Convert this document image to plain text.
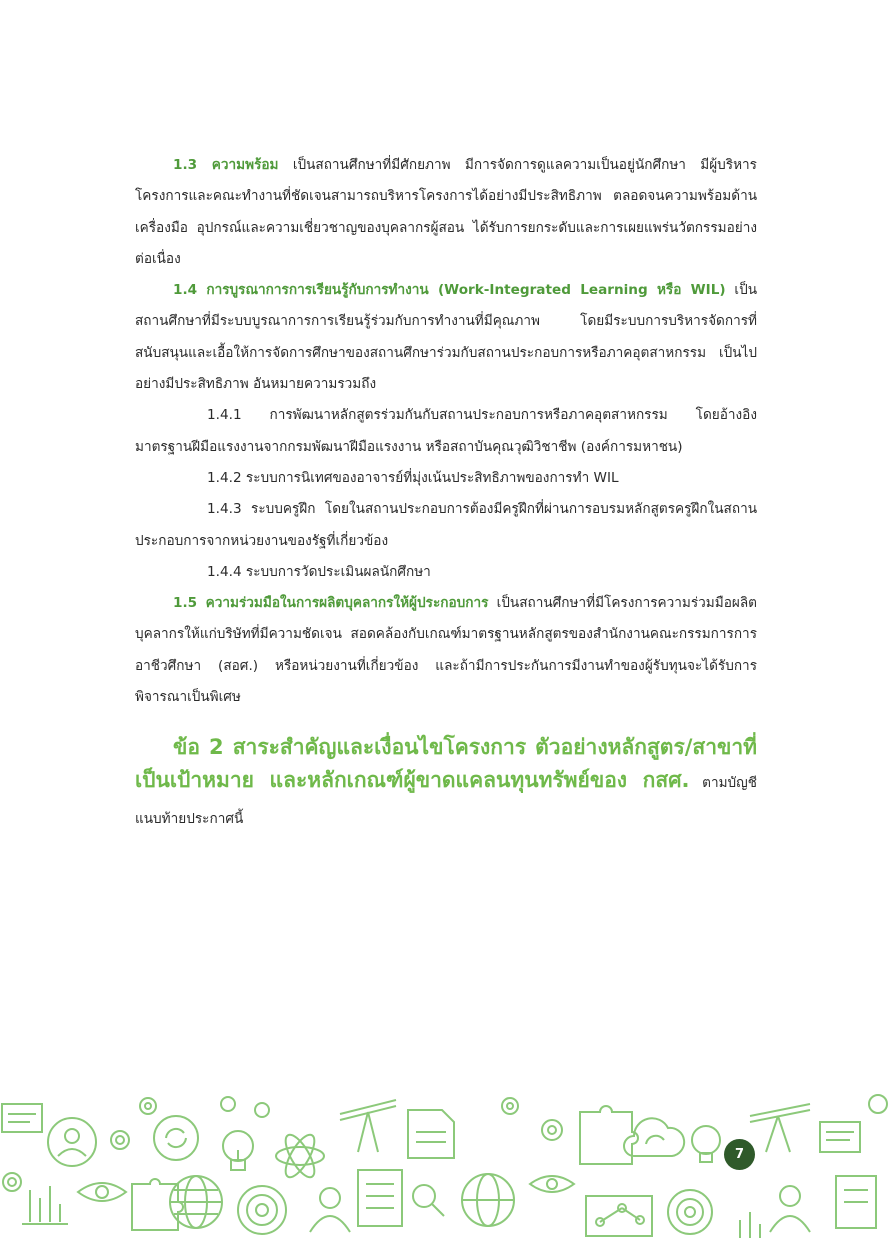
1.3 ความพร้อม เป็นสถานศึกษาที่มีศักยภาพ มีการจัดการดูแลความเป็นอยู่นักศึกษา มีผู้บริหารโครงการและคณะทำงานที่ชัดเจนสามารถบริหารโครงการได้อย่างมีประสิทธิภาพ ตลอดจนความพร้อมด้านเครื่องมือ อุปกรณ์และความเชี่ยวชาญของบุคลากรผู้สอน ได้รับการยกระดับและการเผยแพร่นวัตกรรมอย่างต่อเนื่อง

1.4 การบูรณาการการเรียนรู้กับการทำงาน (Work-Integrated Learning หรือ WIL) เป็นสถานศึกษาที่มีระบบบูรณาการการเรียนรู้ร่วมกับการทำงานที่มีคุณภาพ โดยมีระบบการบริหารจัดการที่สนับสนุนและเอื้อให้การจัดการศึกษาของสถานศึกษาร่วมกับสถานประกอบการหรือภาคอุตสาหกรรม เป็นไปอย่างมีประสิทธิภาพ อันหมายความรวมถึง

1.4.1 การพัฒนาหลักสูตรร่วมกันกับสถานประกอบการหรือภาคอุตสาหกรรม โดยอ้างอิงมาตรฐานฝีมือแรงงานจากกรมพัฒนาฝีมือแรงงาน หรือสถาบันคุณวุฒิวิชาชีพ (องค์การมหาชน)

1.4.2 ระบบการนิเทศของอาจารย์ที่มุ่งเน้นประสิทธิภาพของการทำ WIL

1.4.3 ระบบครูฝึก โดยในสถานประกอบการต้องมีครูฝึกที่ผ่านการอบรมหลักสูตรครูฝึกในสถานประกอบการจากหน่วยงานของรัฐที่เกี่ยวข้อง

1.4.4 ระบบการวัดประเมินผลนักศึกษา

1.5 ความร่วมมือในการผลิตบุคลากรให้ผู้ประกอบการ เป็นสถานศึกษาที่มีโครงการความร่วมมือผลิตบุคลากรให้แก่บริษัทที่มีความชัดเจน สอดคล้องกับเกณฑ์มาตรฐานหลักสูตรของสำนักงานคณะกรรมการการอาชีวศึกษา (สอศ.) หรือหน่วยงานที่เกี่ยวข้อง และถ้ามีการประกันการมีงานทำของผู้รับทุนจะได้รับการพิจารณาเป็นพิเศษ

ข้อ 2 สาระสำคัญและเงื่อนไขโครงการ ตัวอย่างหลักสูตร/สาขาที่เป็นเป้าหมาย และหลักเกณฑ์ผู้ขาดแคลนทุนทรัพย์ของ กสศ. ตามบัญชีแนบท้ายประกาศนี้

7
